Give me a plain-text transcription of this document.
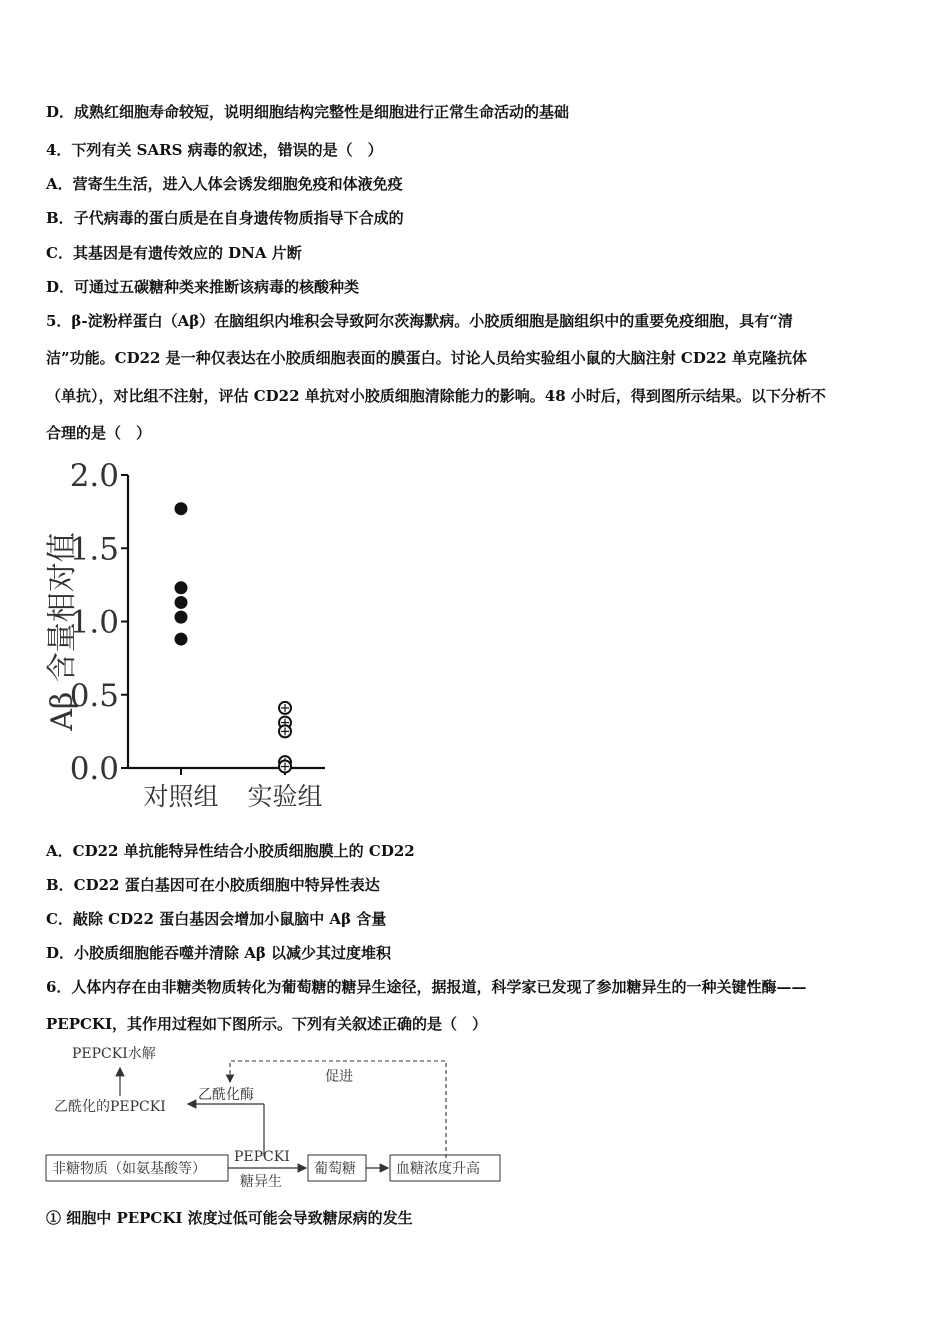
D．成熟红细胞寿命较短，说明细胞结构完整性是细胞进行正常生命活动的基础
4．下列有关 SARS 病毒的叙述，错误的是（　）
A．营寄生生活，进入人体会诱发细胞免疫和体液免疫
B．子代病毒的蛋白质是在自身遗传物质指导下合成的
C．其基因是有遗传效应的 DNA 片断
D．可通过五碳糖种类来推断该病毒的核酸种类
5．β-淀粉样蛋白（Aβ）在脑组织内堆积会导致阿尔茨海默病。小胶质细胞是脑组织中的重要免疫细胞，具有“清
洁”功能。CD22 是一种仅表达在小胶质细胞表面的膜蛋白。讨论人员给实验组小鼠的大脑注射 CD22 单克隆抗体
（单抗），对比组不注射，评估 CD22 单抗对小胶质细胞清除能力的影响。48 小时后，得到图所示结果。以下分析不
合理的是（　）
0.0
0.5
1.0
1.5
2.0
对照组 实验组
Aβ 含量相对值
A．CD22 单抗能特异性结合小胶质细胞膜上的 CD22
B．CD22 蛋白基因可在小胶质细胞中特异性表达
C．敲除 CD22 蛋白基因会增加小鼠脑中 Aβ 含量
D．小胶质细胞能吞噬并清除 Aβ 以减少其过度堆积
6．人体内存在由非糖类物质转化为葡萄糖的糖异生途径，据报道，科学家已发现了参加糖异生的一种关键性酶——
PEPCKI，其作用过程如下图所示。下列有关叙述正确的是（　）
PEPCKI水解
乙酰化的PEPCKI
乙酰化酶
促进
非糖物质（如氨基酸等）
PEPCKI
糖异生
葡萄糖	血糖浓度升高
① 细胞中 PEPCKI 浓度过低可能会导致糖尿病的发生
